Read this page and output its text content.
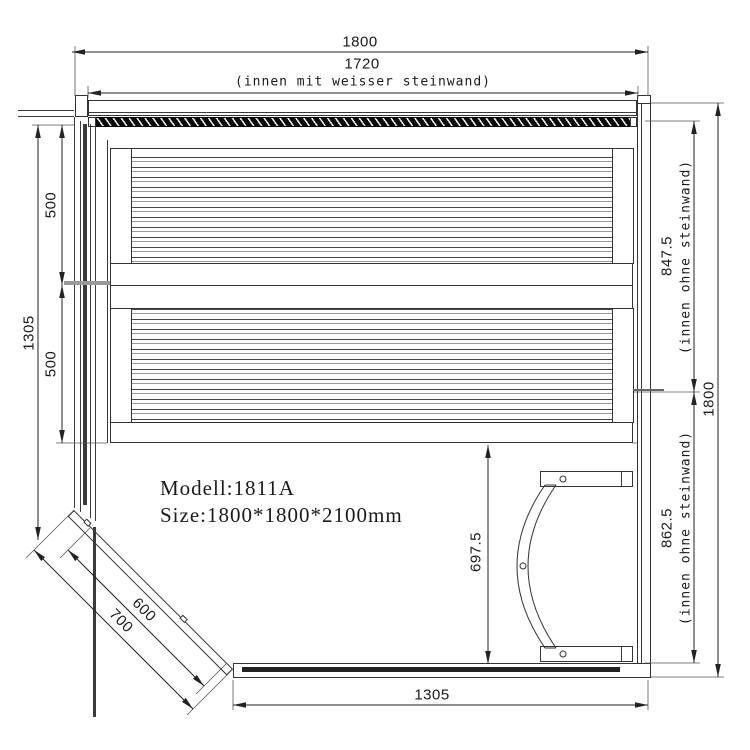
1800
1720
(innen mit weisser steinwand)
1305
500
500
847.5 (innen ohne steinwand)
1800
862.5 (innen ohne steinwand)
1305
697.5
600
700
Modell:1811A
Size:1800*1800*2100mm
